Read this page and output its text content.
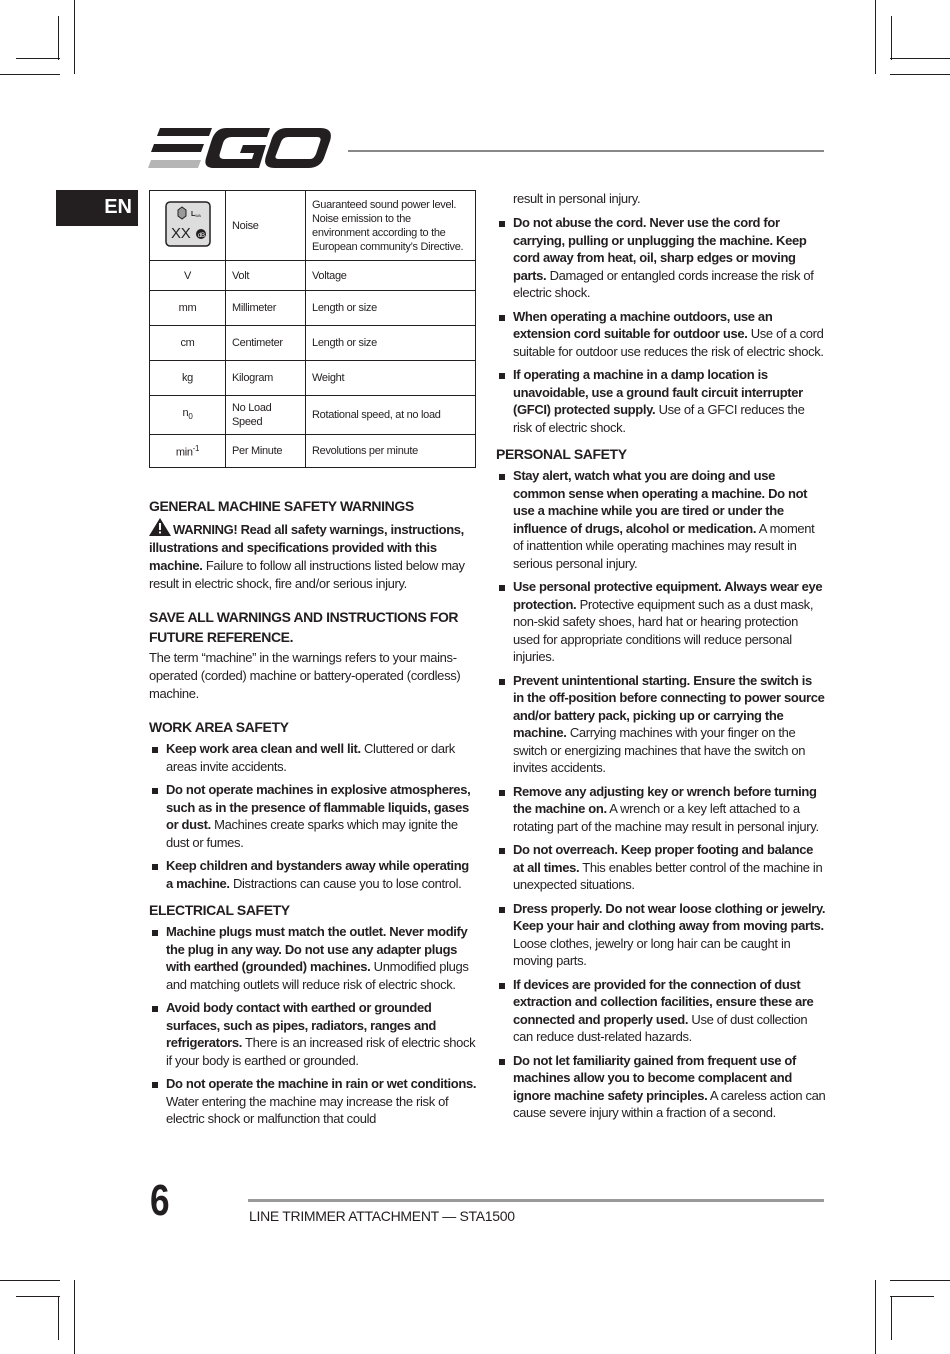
EN	L WA
XX dB	Noise	Guaranteed sound power level. Noise emission to the environment according to the European community’s Directive.
V	Volt	Voltage
mm	Millimeter	Length or size
cm	Centimeter	Length or size
kg	Kilogram	Weight
$n_0$	No Load Speed	Rotational speed, at no load
$\min^{-1}$	Per Minute	Revolutions per minute
GENERAL MACHINE SAFETY WARNINGS

WARNING! Read all safety warnings, instructions, illustrations and specifications provided with this machine. Failure to follow all instructions listed below may result in electric shock, fire and/or serious injury.

SAVE ALL WARNINGS AND INSTRUCTIONS FOR FUTURE REFERENCE.

The term “machine” in the warnings refers to your mains-operated (corded) machine or battery-operated (cordless) machine.

WORK AREA SAFETY
Keep work area clean and well lit. Cluttered or dark areas invite accidents.
Do not operate machines in explosive atmospheres, such as in the presence of flammable liquids, gases or dust. Machines create sparks which may ignite the dust or fumes.
Keep children and bystanders away while operating a machine. Distractions can cause you to lose control.
ELECTRICAL SAFETY
Machine plugs must match the outlet. Never modify the plug in any way. Do not use any adapter plugs with earthed (grounded) machines. Unmodified plugs and matching outlets will reduce risk of electric shock.
Avoid body contact with earthed or grounded surfaces, such as pipes, radiators, ranges and refrigerators. There is an increased risk of electric shock if your body is earthed or grounded.
Do not operate the machine in rain or wet conditions. Water entering the machine may increase the risk of electric shock or malfunction that could

result in personal injury.

Do not abuse the cord. Never use the cord for carrying, pulling or unplugging the machine. Keep cord away from heat, oil, sharp edges or moving parts. Damaged or entangled cords increase the risk of electric shock.
When operating a machine outdoors, use an extension cord suitable for outdoor use. Use of a cord suitable for outdoor use reduces the risk of electric shock.
If operating a machine in a damp location is unavoidable, use a ground fault circuit interrupter (GFCI) protected supply. Use of a GFCI reduces the risk of electric shock.
PERSONAL SAFETY
Stay alert, watch what you are doing and use common sense when operating a machine. Do not use a machine while you are tired or under the influence of drugs, alcohol or medication. A moment of inattention while operating machines may result in serious personal injury.
Use personal protective equipment. Always wear eye protection. Protective equipment such as a dust mask, non-skid safety shoes, hard hat or hearing protection used for appropriate conditions will reduce personal injuries.
Prevent unintentional starting. Ensure the switch is in the off-position before connecting to power source and/or battery pack, picking up or carrying the machine. Carrying machines with your finger on the switch or energizing machines that have the switch on invites accidents.
Remove any adjusting key or wrench before turning the machine on. A wrench or a key left attached to a rotating part of the machine may result in personal injury.
Do not overreach. Keep proper footing and balance at all times. This enables better control of the machine in unexpected situations.
Dress properly. Do not wear loose clothing or jewelry. Keep your hair and clothing away from moving parts. Loose clothes, jewelry or long hair can be caught in moving parts.
If devices are provided for the connection of dust extraction and collection facilities, ensure these are connected and properly used. Use of dust collection can reduce dust-related hazards.
Do not let familiarity gained from frequent use of machines allow you to become complacent and ignore machine safety principles. A careless action can cause severe injury within a fraction of a second.
6	LINE TRIMMER ATTACHMENT — STA1500
